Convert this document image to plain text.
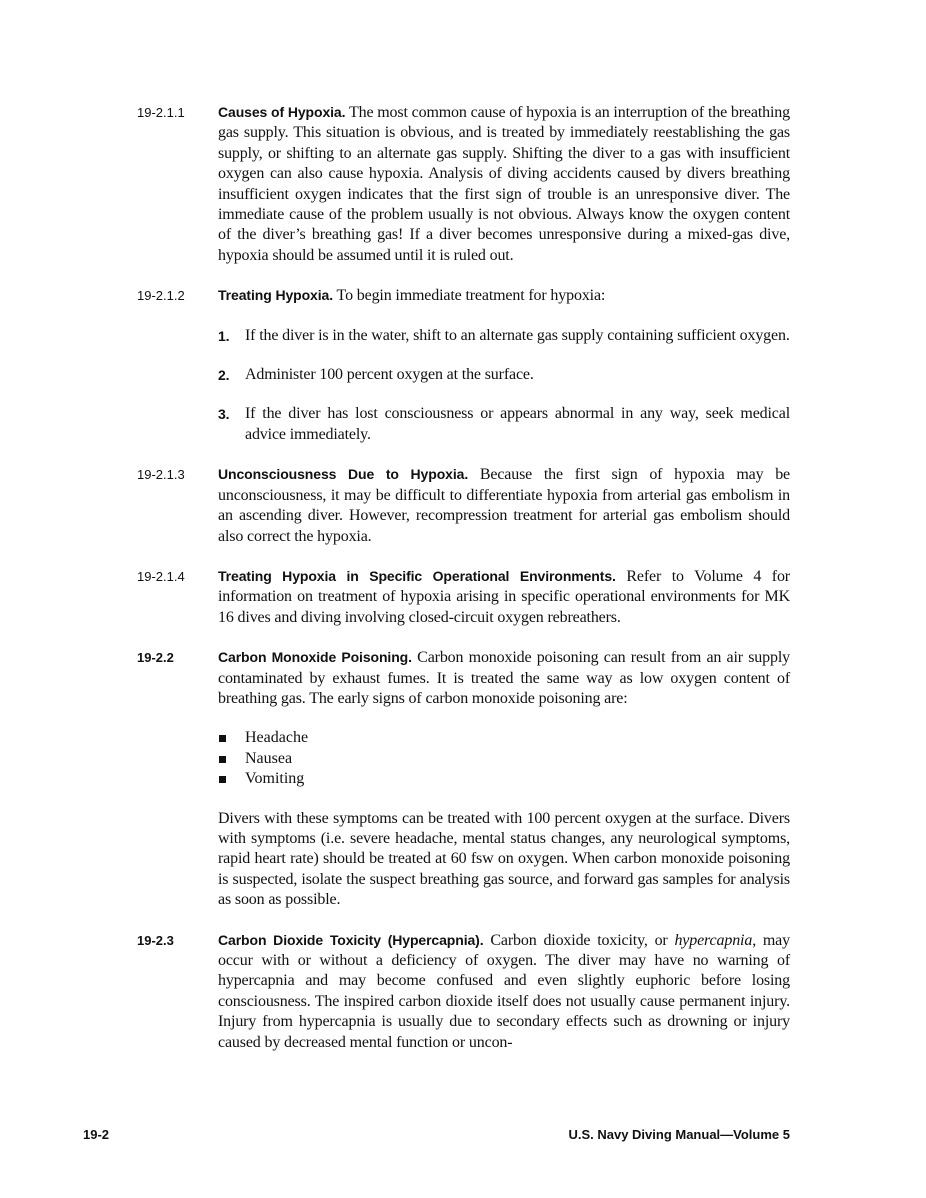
19-2.1.1 Causes of Hypoxia. The most common cause of hypoxia is an interruption of the breathing gas supply. This situation is obvious, and is treated by immediately reestablishing the gas supply, or shifting to an alternate gas supply. Shifting the diver to a gas with insufficient oxygen can also cause hypoxia. Analysis of diving accidents caused by divers breathing insufficient oxygen indicates that the first sign of trouble is an unresponsive diver. The immediate cause of the problem usually is not obvious. Always know the oxygen content of the diver’s breathing gas! If a diver becomes unresponsive during a mixed-gas dive, hypoxia should be assumed until it is ruled out.
19-2.1.2 Treating Hypoxia. To begin immediate treatment for hypoxia:
1. If the diver is in the water, shift to an alternate gas supply containing sufficient oxygen.
2. Administer 100 percent oxygen at the surface.
3. If the diver has lost consciousness or appears abnormal in any way, seek medical advice immediately.
19-2.1.3 Unconsciousness Due to Hypoxia. Because the first sign of hypoxia may be unconsciousness, it may be difficult to differentiate hypoxia from arterial gas embolism in an ascending diver. However, recompression treatment for arterial gas embolism should also correct the hypoxia.
19-2.1.4 Treating Hypoxia in Specific Operational Environments. Refer to Volume 4 for information on treatment of hypoxia arising in specific operational environments for MK 16 dives and diving involving closed-circuit oxygen rebreathers.
19-2.2	Carbon Monoxide Poisoning. Carbon monoxide poisoning can result from an air supply contaminated by exhaust fumes. It is treated the same way as low oxygen content of breathing gas. The early signs of carbon monoxide poisoning are:
Headache
Nausea
Vomiting
Divers with these symptoms can be treated with 100 percent oxygen at the surface. Divers with symptoms (i.e. severe headache, mental status changes, any neurological symptoms, rapid heart rate) should be treated at 60 fsw on oxygen. When carbon monoxide poisoning is suspected, isolate the suspect breathing gas source, and forward gas samples for analysis as soon as possible.
19-2.3	Carbon Dioxide Toxicity (Hypercapnia). Carbon dioxide toxicity, or hypercapnia, may occur with or without a deficiency of oxygen. The diver may have no warning of hypercapnia and may become confused and even slightly euphoric before losing consciousness. The inspired carbon dioxide itself does not usually cause permanent injury. Injury from hypercapnia is usually due to secondary effects such as drowning or injury caused by decreased mental function or uncon-
19-2	U.S. Navy Diving Manual—Volume 5
